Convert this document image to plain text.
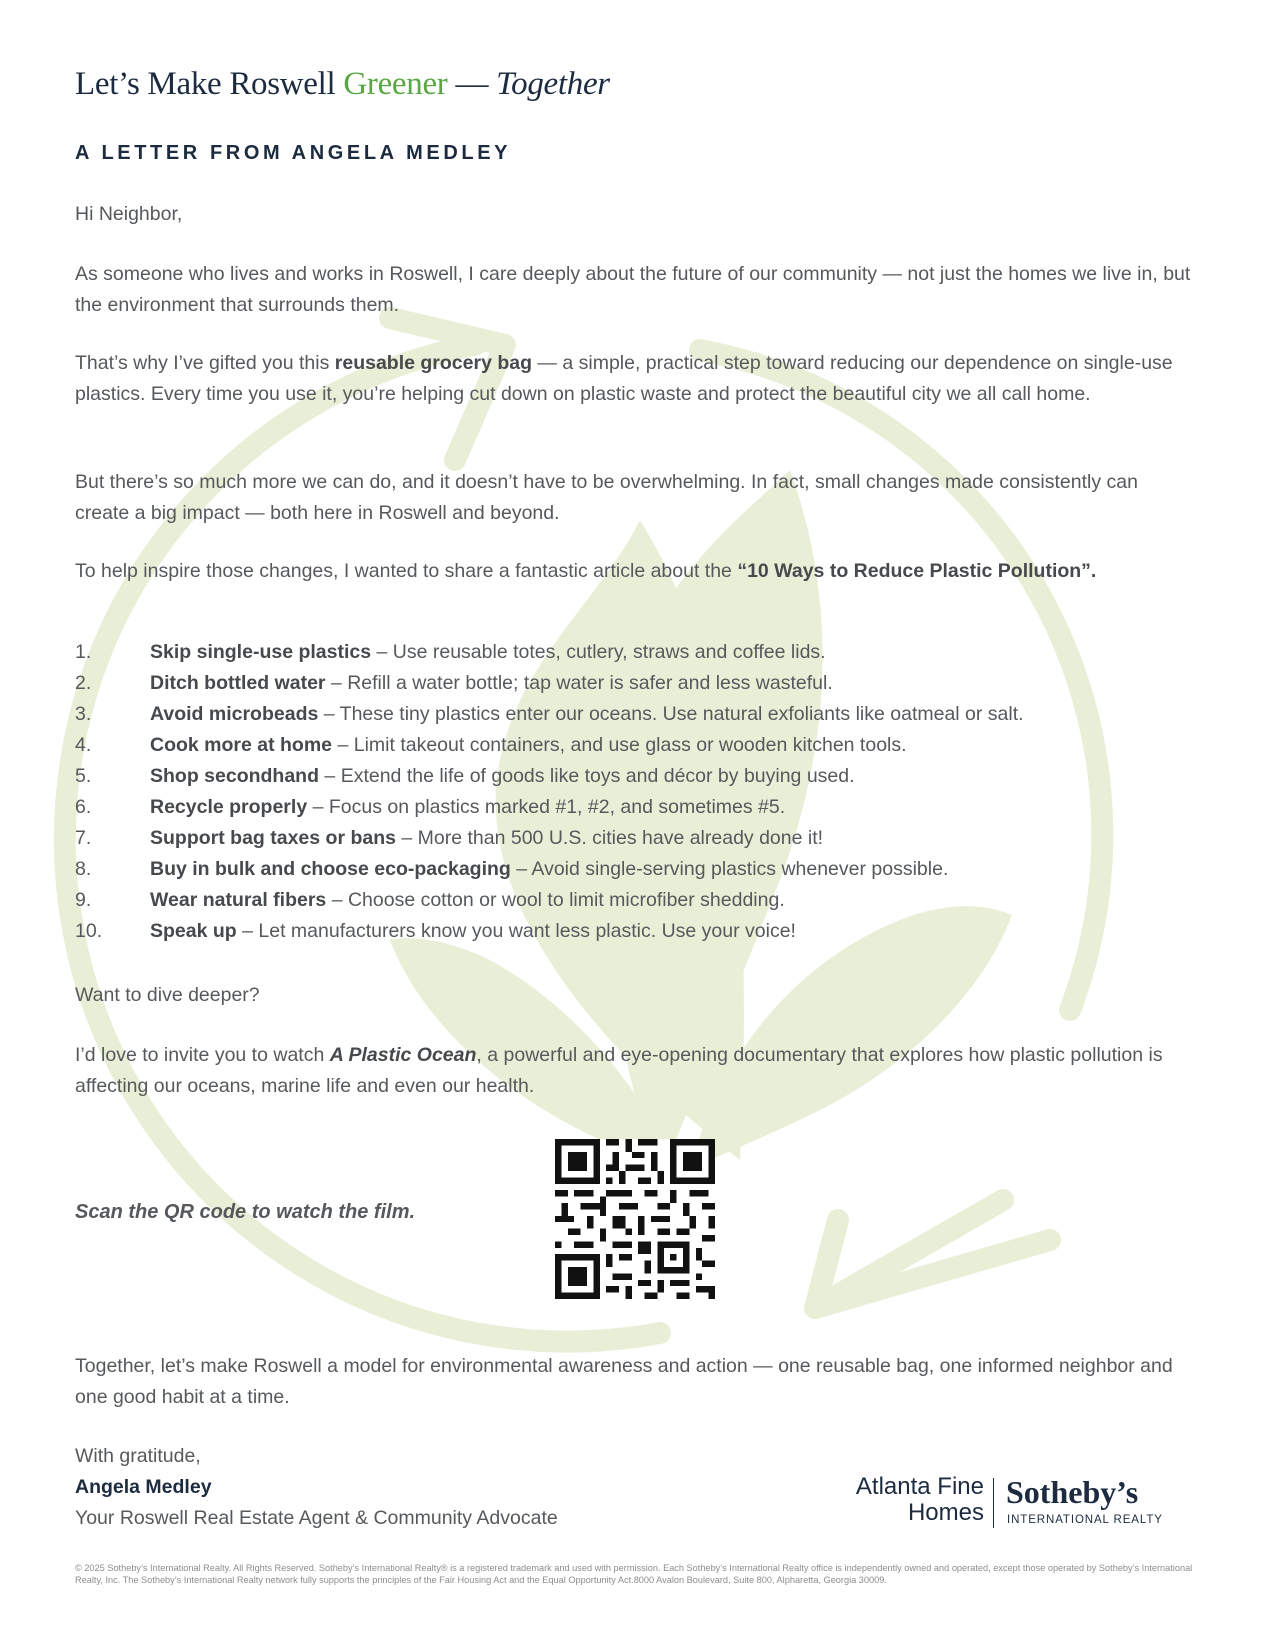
Let’s Make Roswell Greener — Together
A LETTER FROM ANGELA MEDLEY
Hi Neighbor,
As someone who lives and works in Roswell, I care deeply about the future of our community — not just the homes we live in, but the environment that surrounds them.
That’s why I’ve gifted you this reusable grocery bag — a simple, practical step toward reducing our dependence on single-use plastics. Every time you use it, you’re helping cut down on plastic waste and protect the beautiful city we all call home.
But there’s so much more we can do, and it doesn’t have to be overwhelming. In fact, small changes made consistently can create a big impact — both here in Roswell and beyond.
To help inspire those changes, I wanted to share a fantastic article about the “10 Ways to Reduce Plastic Pollution”.
1.	Skip single-use plastics – Use reusable totes, cutlery, straws and coffee lids.
2.	Ditch bottled water – Refill a water bottle; tap water is safer and less wasteful.
3.	Avoid microbeads – These tiny plastics enter our oceans. Use natural exfoliants like oatmeal or salt.
4.	Cook more at home – Limit takeout containers, and use glass or wooden kitchen tools.
5.	Shop secondhand – Extend the life of goods like toys and décor by buying used.
6.	Recycle properly – Focus on plastics marked #1, #2, and sometimes #5.
7.	Support bag taxes or bans – More than 500 U.S. cities have already done it!
8.	Buy in bulk and choose eco-packaging – Avoid single-serving plastics whenever possible.
9.	Wear natural fibers – Choose cotton or wool to limit microfiber shedding.
10. Speak up – Let manufacturers know you want less plastic. Use your voice!
Want to dive deeper?
I’d love to invite you to watch A Plastic Ocean, a powerful and eye-opening documentary that explores how plastic pollution is affecting our oceans, marine life and even our health.
Scan the QR code to watch the film.
Together, let’s make Roswell a model for environmental awareness and action — one reusable bag, one informed neighbor and one good habit at a time.
With gratitude,
Angela Medley
Your Roswell Real Estate Agent & Community Advocate
Atlanta Fine
Homes
Sotheby’s
INTERNATIONAL REALTY
© 2025 Sotheby’s International Realty. All Rights Reserved. Sotheby’s International Realty® is a registered trademark and used with permission. Each Sotheby’s International Realty office is independently owned and operated, except those operated by Sotheby’s International Realty, Inc. The Sotheby’s International Realty network fully supports the principles of the Fair Housing Act and the Equal Opportunity Act.8000 Avalon Boulevard, Suite 800, Alpharetta, Georgia 30009.
